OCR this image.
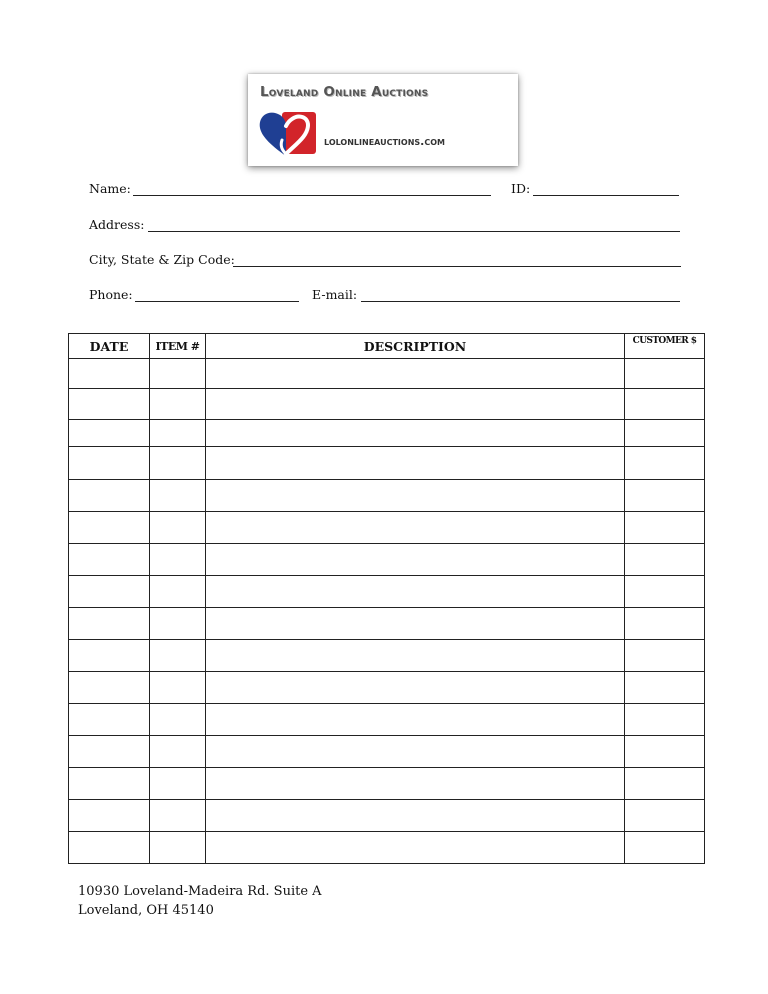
Loveland Online Auctions
lolonlineauctions.com
Name:	ID:
Address:
City, State & Zip Code:
Phone:	E-mail:
DATE	ITEM #	DESCRIPTION	CUSTOMER $

10930 Loveland-Madeira Rd. Suite A
Loveland, OH 45140
